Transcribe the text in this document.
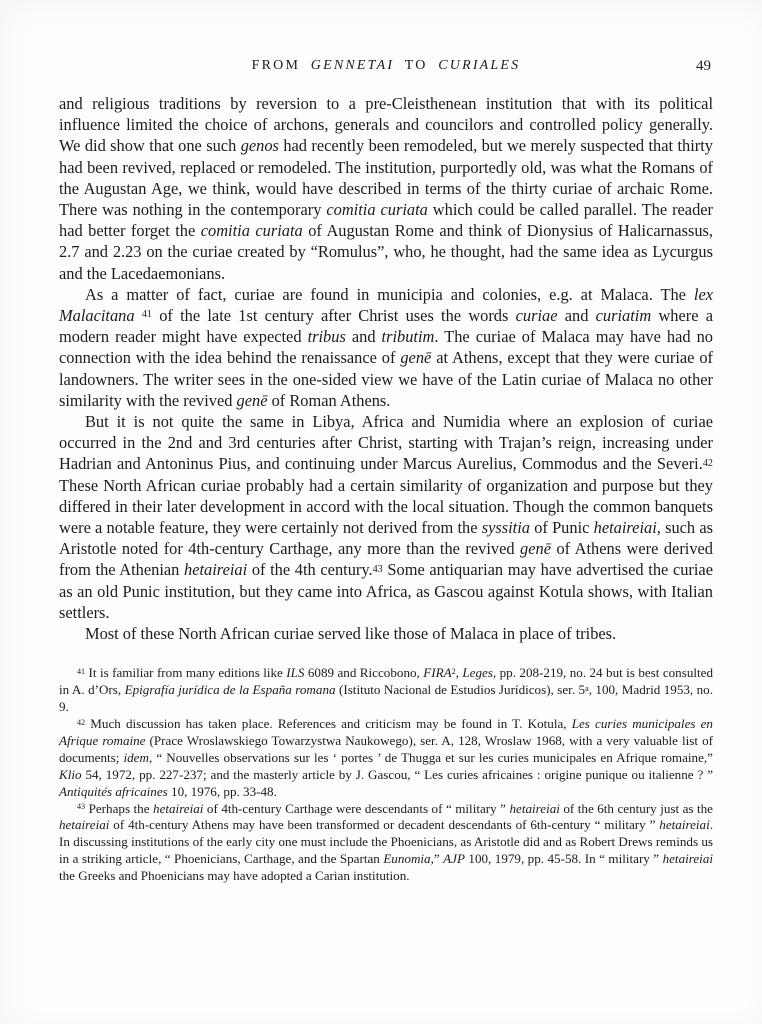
FROM GENNETAI TO CURIALES	49

and religious traditions by reversion to a pre-Cleisthenean institution that with its political influence limited the choice of archons, generals and councilors and controlled policy generally. We did show that one such genos had recently been remodeled, but we merely suspected that thirty had been revived, replaced or remodeled. The institution, purportedly old, was what the Romans of the Augustan Age, we think, would have described in terms of the thirty curiae of archaic Rome. There was nothing in the contemporary comitia curiata which could be called parallel. The reader had better forget the comitia curiata of Augustan Rome and think of Dionysius of Halicarnassus, 2.7 and 2.23 on the curiae created by “Romulus”, who, he thought, had the same idea as Lycurgus and the Lacedaemonians.

As a matter of fact, curiae are found in municipia and colonies, e.g. at Malaca. The lex Malacitana $^{41}$ of the late 1st century after Christ uses the words curiae and curiatim where a modern reader might have expected tribus and tributim. The curiae of Malaca may have had no connection with the idea behind the renaissance of genē at Athens, except that they were curiae of landowners. The writer sees in the one-sided view we have of the Latin curiae of Malaca no other similarity with the revived genē of Roman Athens.

But it is not quite the same in Libya, Africa and Numidia where an explosion of curiae occurred in the 2nd and 3rd centuries after Christ, starting with Trajan’s reign, increasing under Hadrian and Antoninus Pius, and continuing under Marcus Aurelius, Commodus and the Severi.$^{42}$ These North African curiae probably had a certain similarity of organization and purpose but they differed in their later development in accord with the local situation. Though the common banquets were a notable feature, they were certainly not derived from the syssitia of Punic hetaireiai, such as Aristotle noted for 4th-century Carthage, any more than the revived genē of Athens were derived from the Athenian hetaireiai of the 4th century.$^{43}$ Some antiquarian may have advertised the curiae as an old Punic institution, but they came into Africa, as Gascou against Kotula shows, with Italian settlers.

Most of these North African curiae served like those of Malaca in place of tribes.

$^{41}$ It is familiar from many editions like ILS 6089 and Riccobono, FIRA$^2$, Leges, pp. 208-219, no. 24 but is best consulted in A. d’Ors, Epigrafía jurídica de la España romana (Istituto Nacional de Estudios Jurídicos), ser. 5$^a$, 100, Madrid 1953, no. 9.

$^{42}$ Much discussion has taken place. References and criticism may be found in T. Kotula, Les curies municipales en Afrique romaine (Prace Wroslawskiego Towarzystwa Naukowego), ser. A, 128, Wroslaw 1968, with a very valuable list of documents; idem, “ Nouvelles observations sur les ‘ portes ’ de Thugga et sur les curies municipales en Afrique romaine,” Klio 54, 1972, pp. 227-237; and the masterly article by J. Gascou, “ Les curies africaines : origine punique ou italienne ? ” Antiquités africaines 10, 1976, pp. 33-48.

$^{43}$ Perhaps the hetaireiai of 4th-century Carthage were descendants of “ military ” hetaireiai of the 6th century just as the hetaireiai of 4th-century Athens may have been transformed or decadent descendants of 6th-century “ military ” hetaireiai. In discussing institutions of the early city one must include the Phoenicians, as Aristotle did and as Robert Drews reminds us in a striking article, “ Phoenicians, Carthage, and the Spartan Eunomia,” AJP 100, 1979, pp. 45-58. In “ military ” hetaireiai the Greeks and Phoenicians may have adopted a Carian institution.
